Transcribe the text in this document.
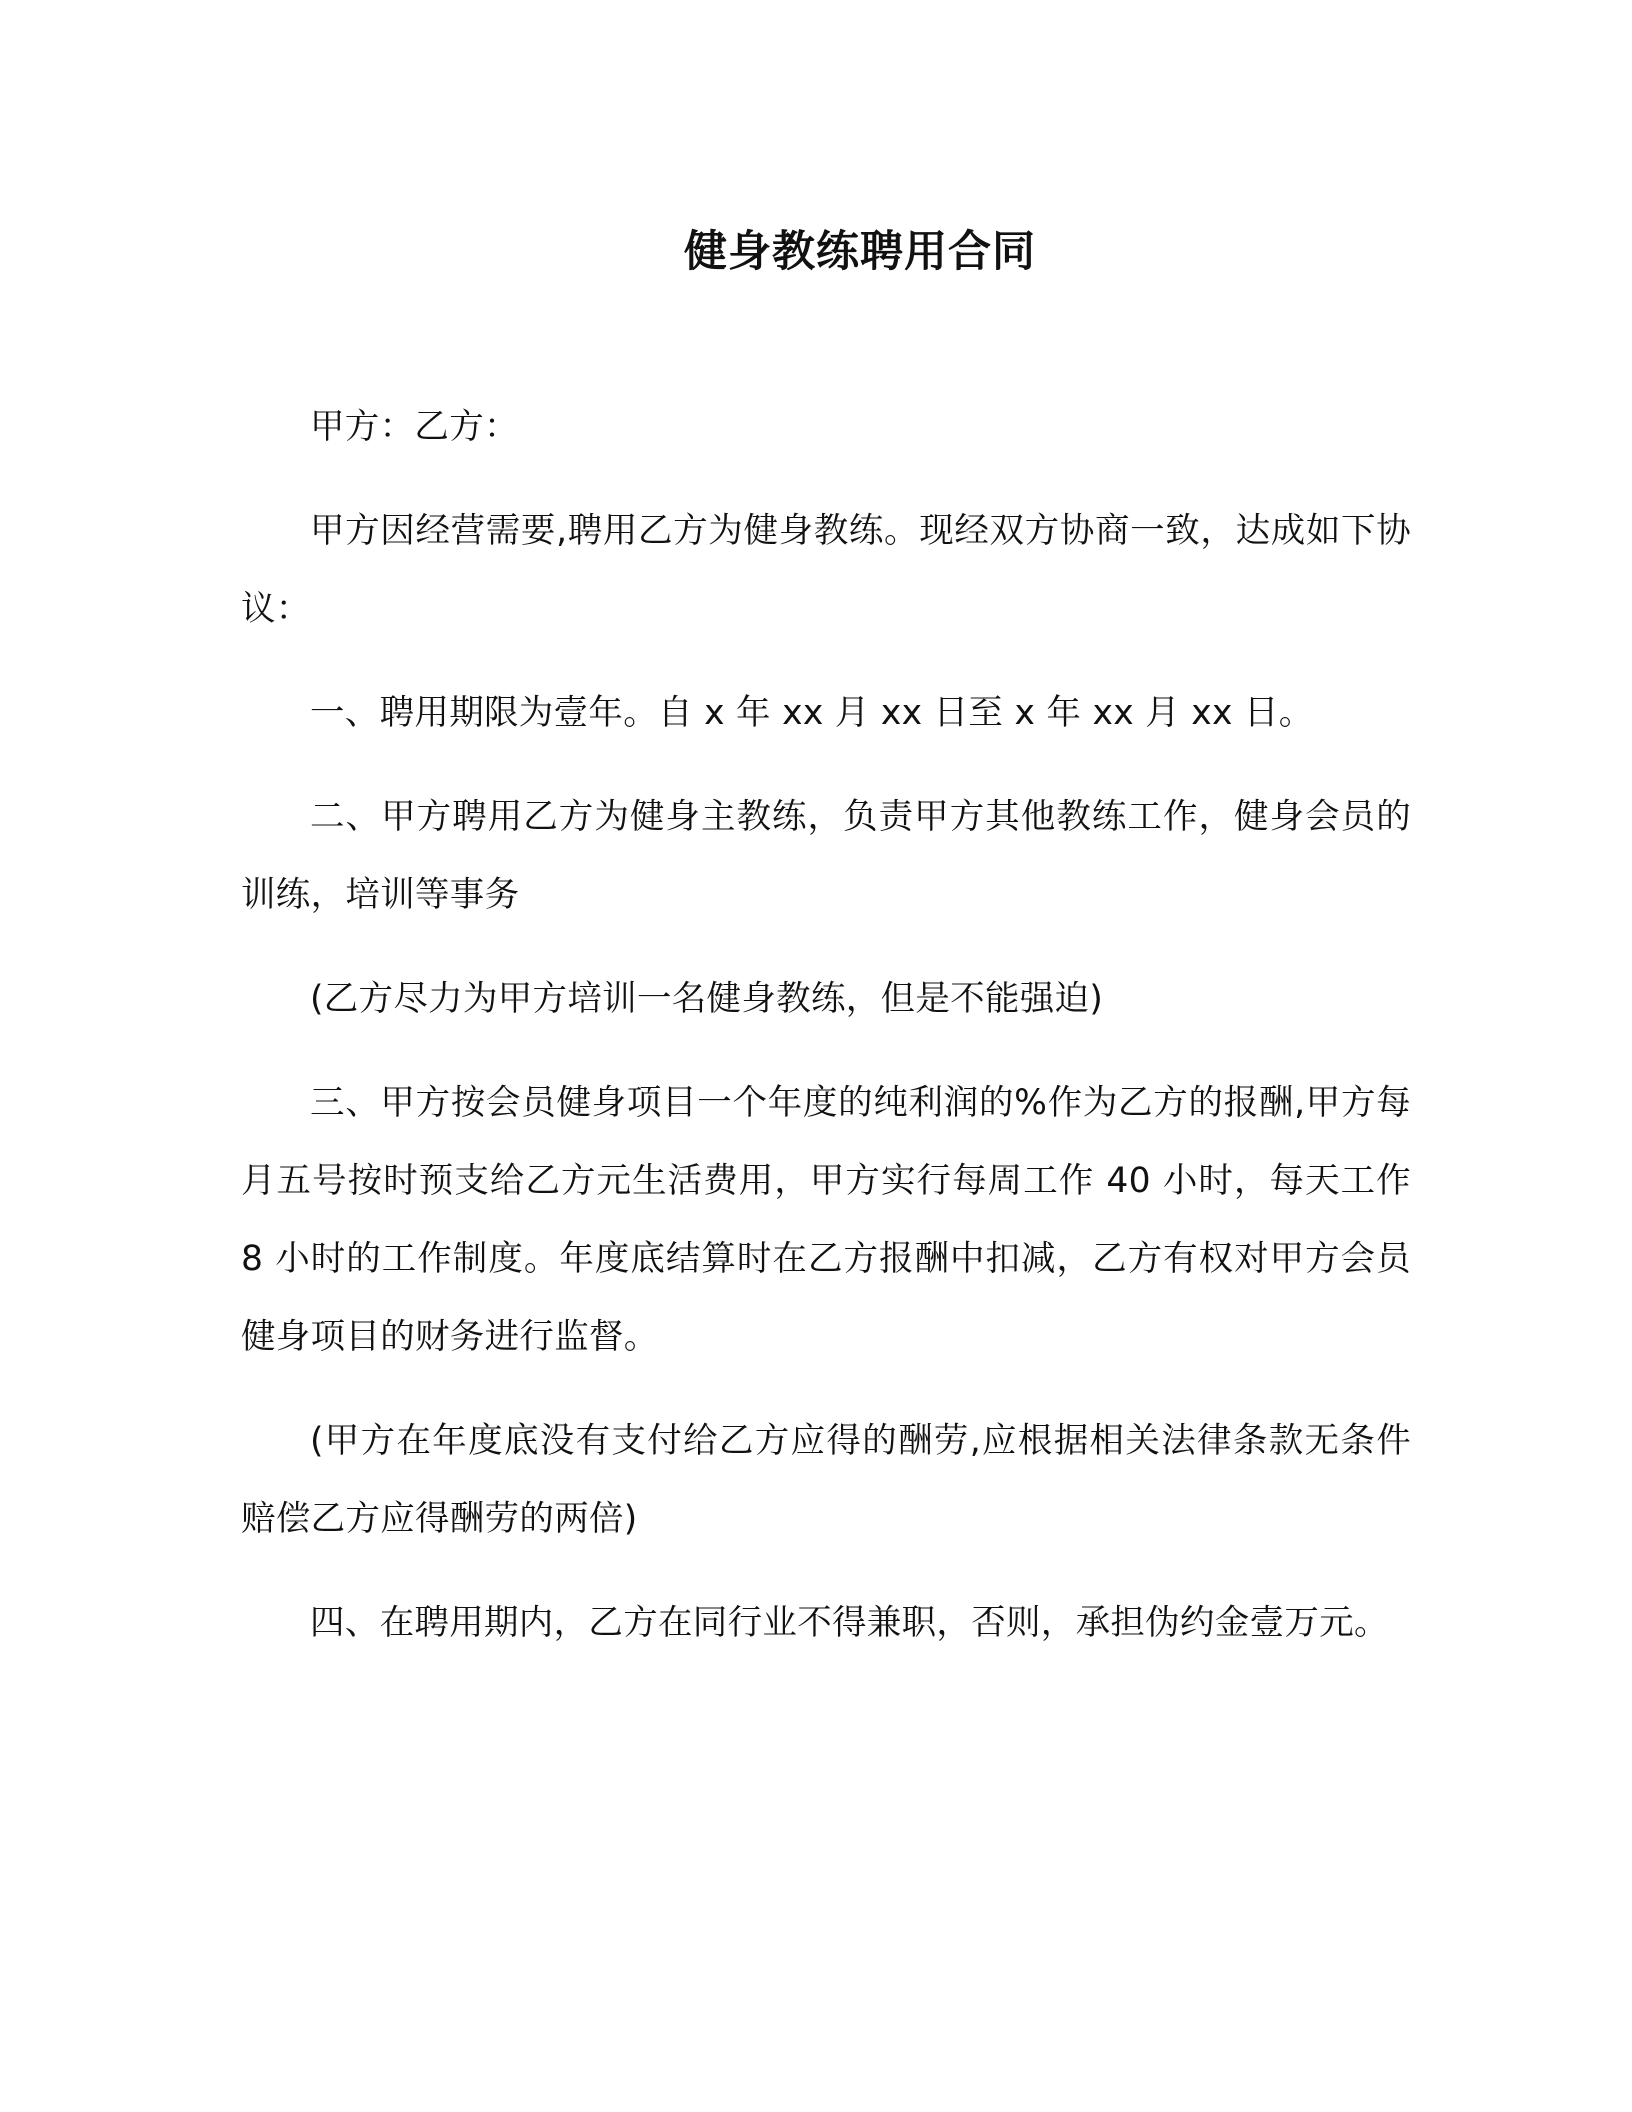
健身教练聘用合同

甲方：乙方：

甲方因经营需要,聘用乙方为健身教练。现经双方协商一致，达成如下协议：

一、聘用期限为壹年。自 x 年 xx 月 xx 日至 x 年 xx 月 xx 日。

二、甲方聘用乙方为健身主教练，负责甲方其他教练工作，健身会员的训练，培训等事务

(乙方尽力为甲方培训一名健身教练，但是不能强迫)

三、甲方按会员健身项目一个年度的纯利润的%作为乙方的报酬,甲方每月五号按时预支给乙方元生活费用，甲方实行每周工作 40 小时，每天工作 8 小时的工作制度。年度底结算时在乙方报酬中扣减，乙方有权对甲方会员健身项目的财务进行监督。

(甲方在年度底没有支付给乙方应得的酬劳,应根据相关法律条款无条件赔偿乙方应得酬劳的两倍)

四、在聘用期内，乙方在同行业不得兼职，否则，承担伪约金壹万元。
